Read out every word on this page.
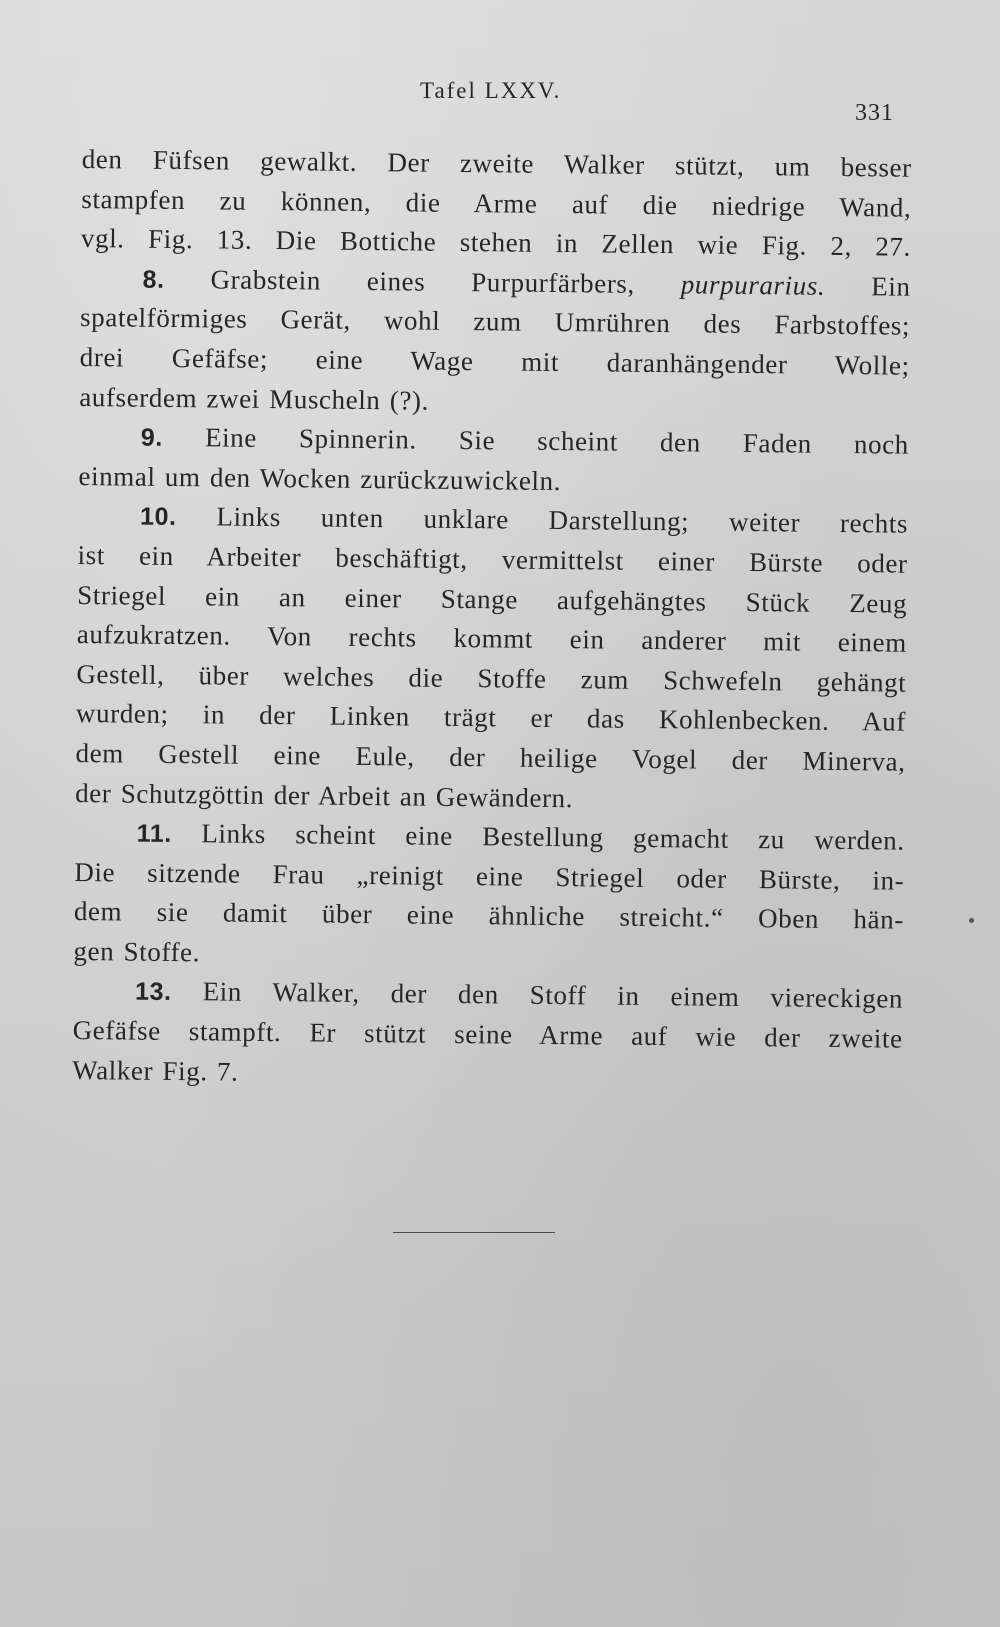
Tafel LXXV.
331
den Füfsen gewalkt. Der zweite Walker stützt, um besser
stampfen zu können, die Arme auf die niedrige Wand,
vgl. Fig. 13. Die Bottiche stehen in Zellen wie Fig. 2, 27.
8. Grabstein eines Purpurfärbers, purpurarius. Ein
spatelförmiges Gerät, wohl zum Umrühren des Farbstoffes;
drei Gefäfse; eine Wage mit daranhängender Wolle;
aufserdem zwei Muscheln (?).
9. Eine Spinnerin. Sie scheint den Faden noch
einmal um den Wocken zurückzuwickeln.
10. Links unten unklare Darstellung; weiter rechts
ist ein Arbeiter beschäftigt, vermittelst einer Bürste oder
Striegel ein an einer Stange aufgehängtes Stück Zeug
aufzukratzen. Von rechts kommt ein anderer mit einem
Gestell, über welches die Stoffe zum Schwefeln gehängt
wurden; in der Linken trägt er das Kohlenbecken. Auf
dem Gestell eine Eule, der heilige Vogel der Minerva,
der Schutzgöttin der Arbeit an Gewändern.
11. Links scheint eine Bestellung gemacht zu werden.
Die sitzende Frau „reinigt eine Striegel oder Bürste, in-
dem sie damit über eine ähnliche streicht.“ Oben hän-
gen Stoffe.
13. Ein Walker, der den Stoff in einem viereckigen
Gefäfse stampft. Er stützt seine Arme auf wie der zweite
Walker Fig. 7.
